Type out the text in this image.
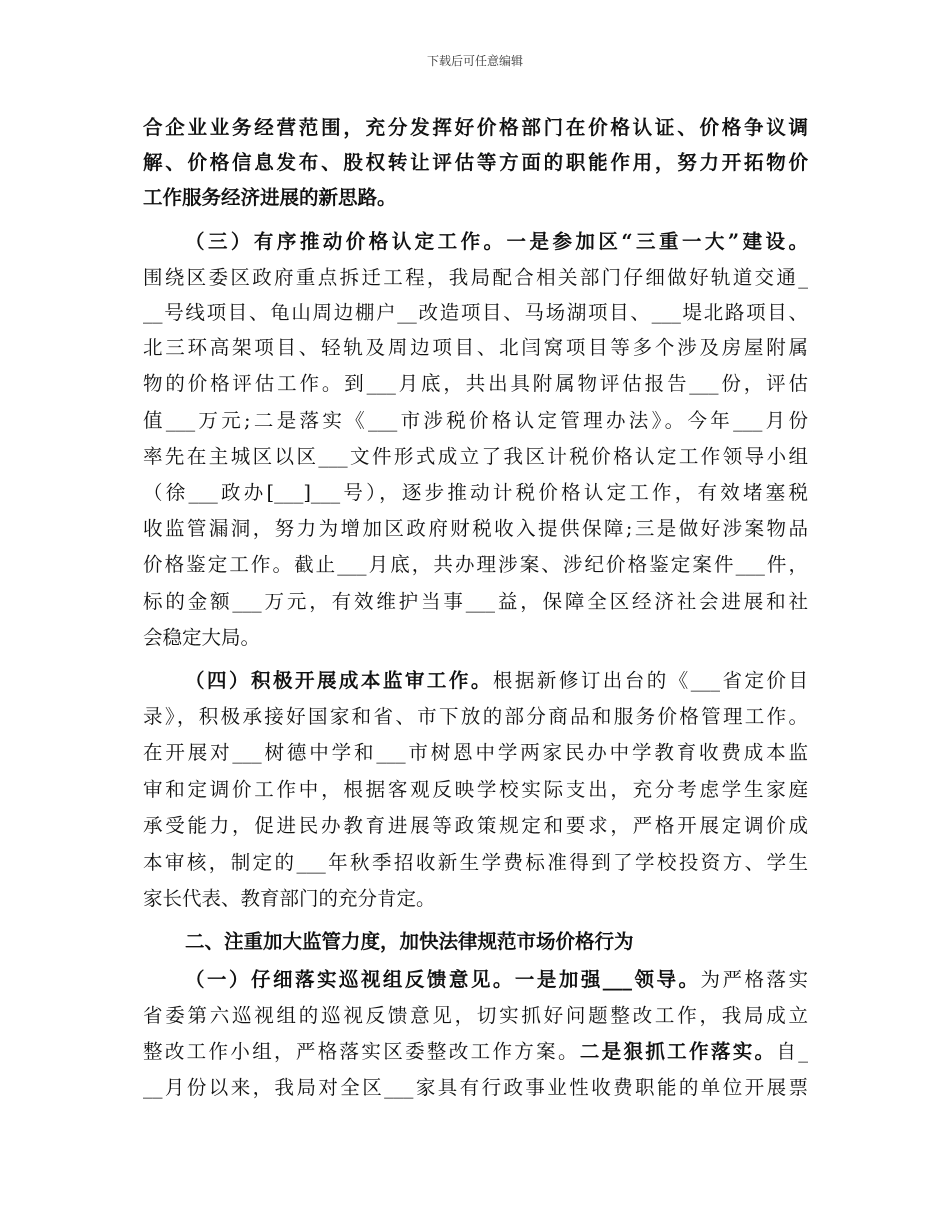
下载后可任意编辑
合企业业务经营范围，充分发挥好价格部门在价格认证、价格争议调
解、价格信息发布、股权转让评估等方面的职能作用，努力开拓物价
工作服务经济进展的新思路。
（三）有序推动价格认定工作。一是参加区“三重一大”建设。
围绕区委区政府重点拆迁工程，我局配合相关部门仔细做好轨道交通_
__号线项目、龟山周边棚户__改造项目、马场湖项目、___堤北路项目、
北三环高架项目、轻轨及周边项目、北闫窝项目等多个涉及房屋附属
物的价格评估工作。到___月底，共出具附属物评估报告___份，评估
值___万元;二是落实《___市涉税价格认定管理办法》。今年___月份
率先在主城区以区___文件形式成立了我区计税价格认定工作领导小组
（徐___政办[___]___号），逐步推动计税价格认定工作，有效堵塞税
收监管漏洞，努力为增加区政府财税收入提供保障;三是做好涉案物品
价格鉴定工作。截止___月底，共办理涉案、涉纪价格鉴定案件___件，
标的金额___万元，有效维护当事___益，保障全区经济社会进展和社
会稳定大局。
（四）积极开展成本监审工作。根据新修订出台的《___省定价目
录》，积极承接好国家和省、市下放的部分商品和服务价格管理工作。
在开展对___树德中学和___市树恩中学两家民办中学教育收费成本监
审和定调价工作中，根据客观反映学校实际支出，充分考虑学生家庭
承受能力，促进民办教育进展等政策规定和要求，严格开展定调价成
本审核，制定的___年秋季招收新生学费标准得到了学校投资方、学生
家长代表、教育部门的充分肯定。
二、注重加大监管力度，加快法律规范市场价格行为
（一）仔细落实巡视组反馈意见。一是加强___领导。为严格落实
省委第六巡视组的巡视反馈意见，切实抓好问题整改工作，我局成立
整改工作小组，严格落实区委整改工作方案。二是狠抓工作落实。自_
__月份以来，我局对全区___家具有行政事业性收费职能的单位开展票
